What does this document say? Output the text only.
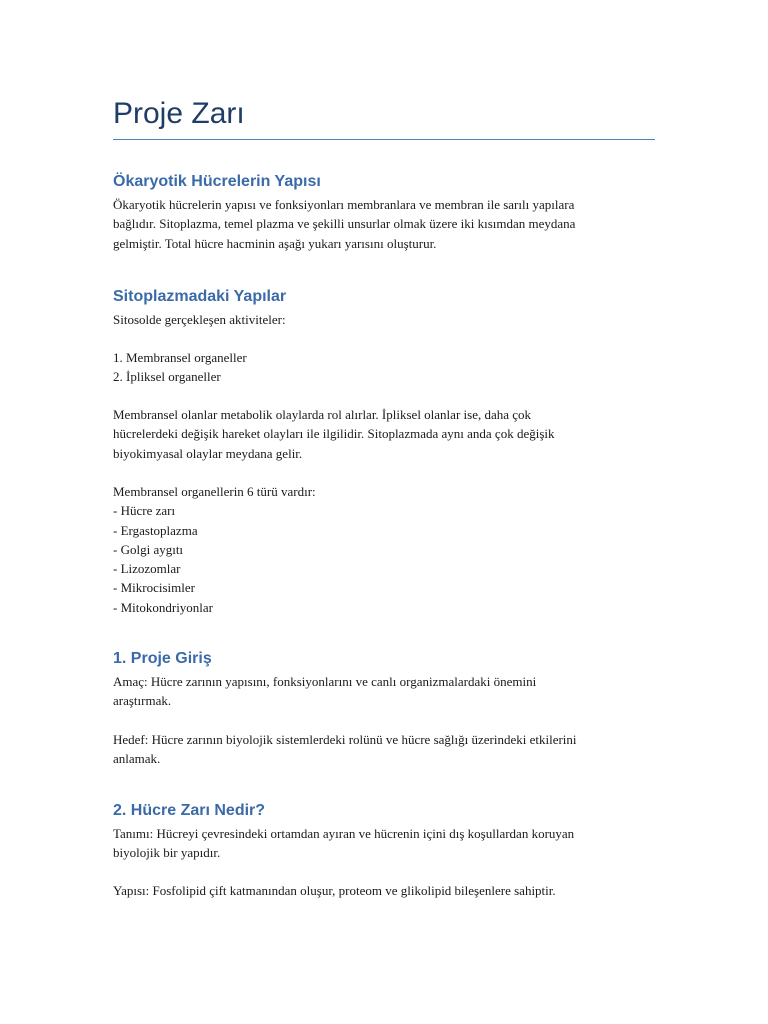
Proje Zarı
Ökaryotik Hücrelerin Yapısı

Ökaryotik hücrelerin yapısı ve fonksiyonları membranlara ve membran ile sarılı yapılara
bağlıdır. Sitoplazma, temel plazma ve şekilli unsurlar olmak üzere iki kısımdan meydana
gelmiştir. Total hücre hacminin aşağı yukarı yarısını oluşturur.

Sitoplazmadaki Yapılar

Sitosolde gerçekleşen aktiviteler:

1. Membransel organeller
2. İpliksel organeller

Membransel olanlar metabolik olaylarda rol alırlar. İpliksel olanlar ise, daha çok
hücrelerdeki değişik hareket olayları ile ilgilidir. Sitoplazmada aynı anda çok değişik
biyokimyasal olaylar meydana gelir.

Membransel organellerin 6 türü vardır:
- Hücre zarı
- Ergastoplazma
- Golgi aygıtı
- Lizozomlar
- Mikrocisimler
- Mitokondriyonlar

1. Proje Giriş

Amaç: Hücre zarının yapısını, fonksiyonlarını ve canlı organizmalardaki önemini
araştırmak.

Hedef: Hücre zarının biyolojik sistemlerdeki rolünü ve hücre sağlığı üzerindeki etkilerini
anlamak.

2. Hücre Zarı Nedir?

Tanımı: Hücreyi çevresindeki ortamdan ayıran ve hücrenin içini dış koşullardan koruyan
biyolojik bir yapıdır.

Yapısı: Fosfolipid çift katmanından oluşur, proteom ve glikolipid bileşenlere sahiptir.
